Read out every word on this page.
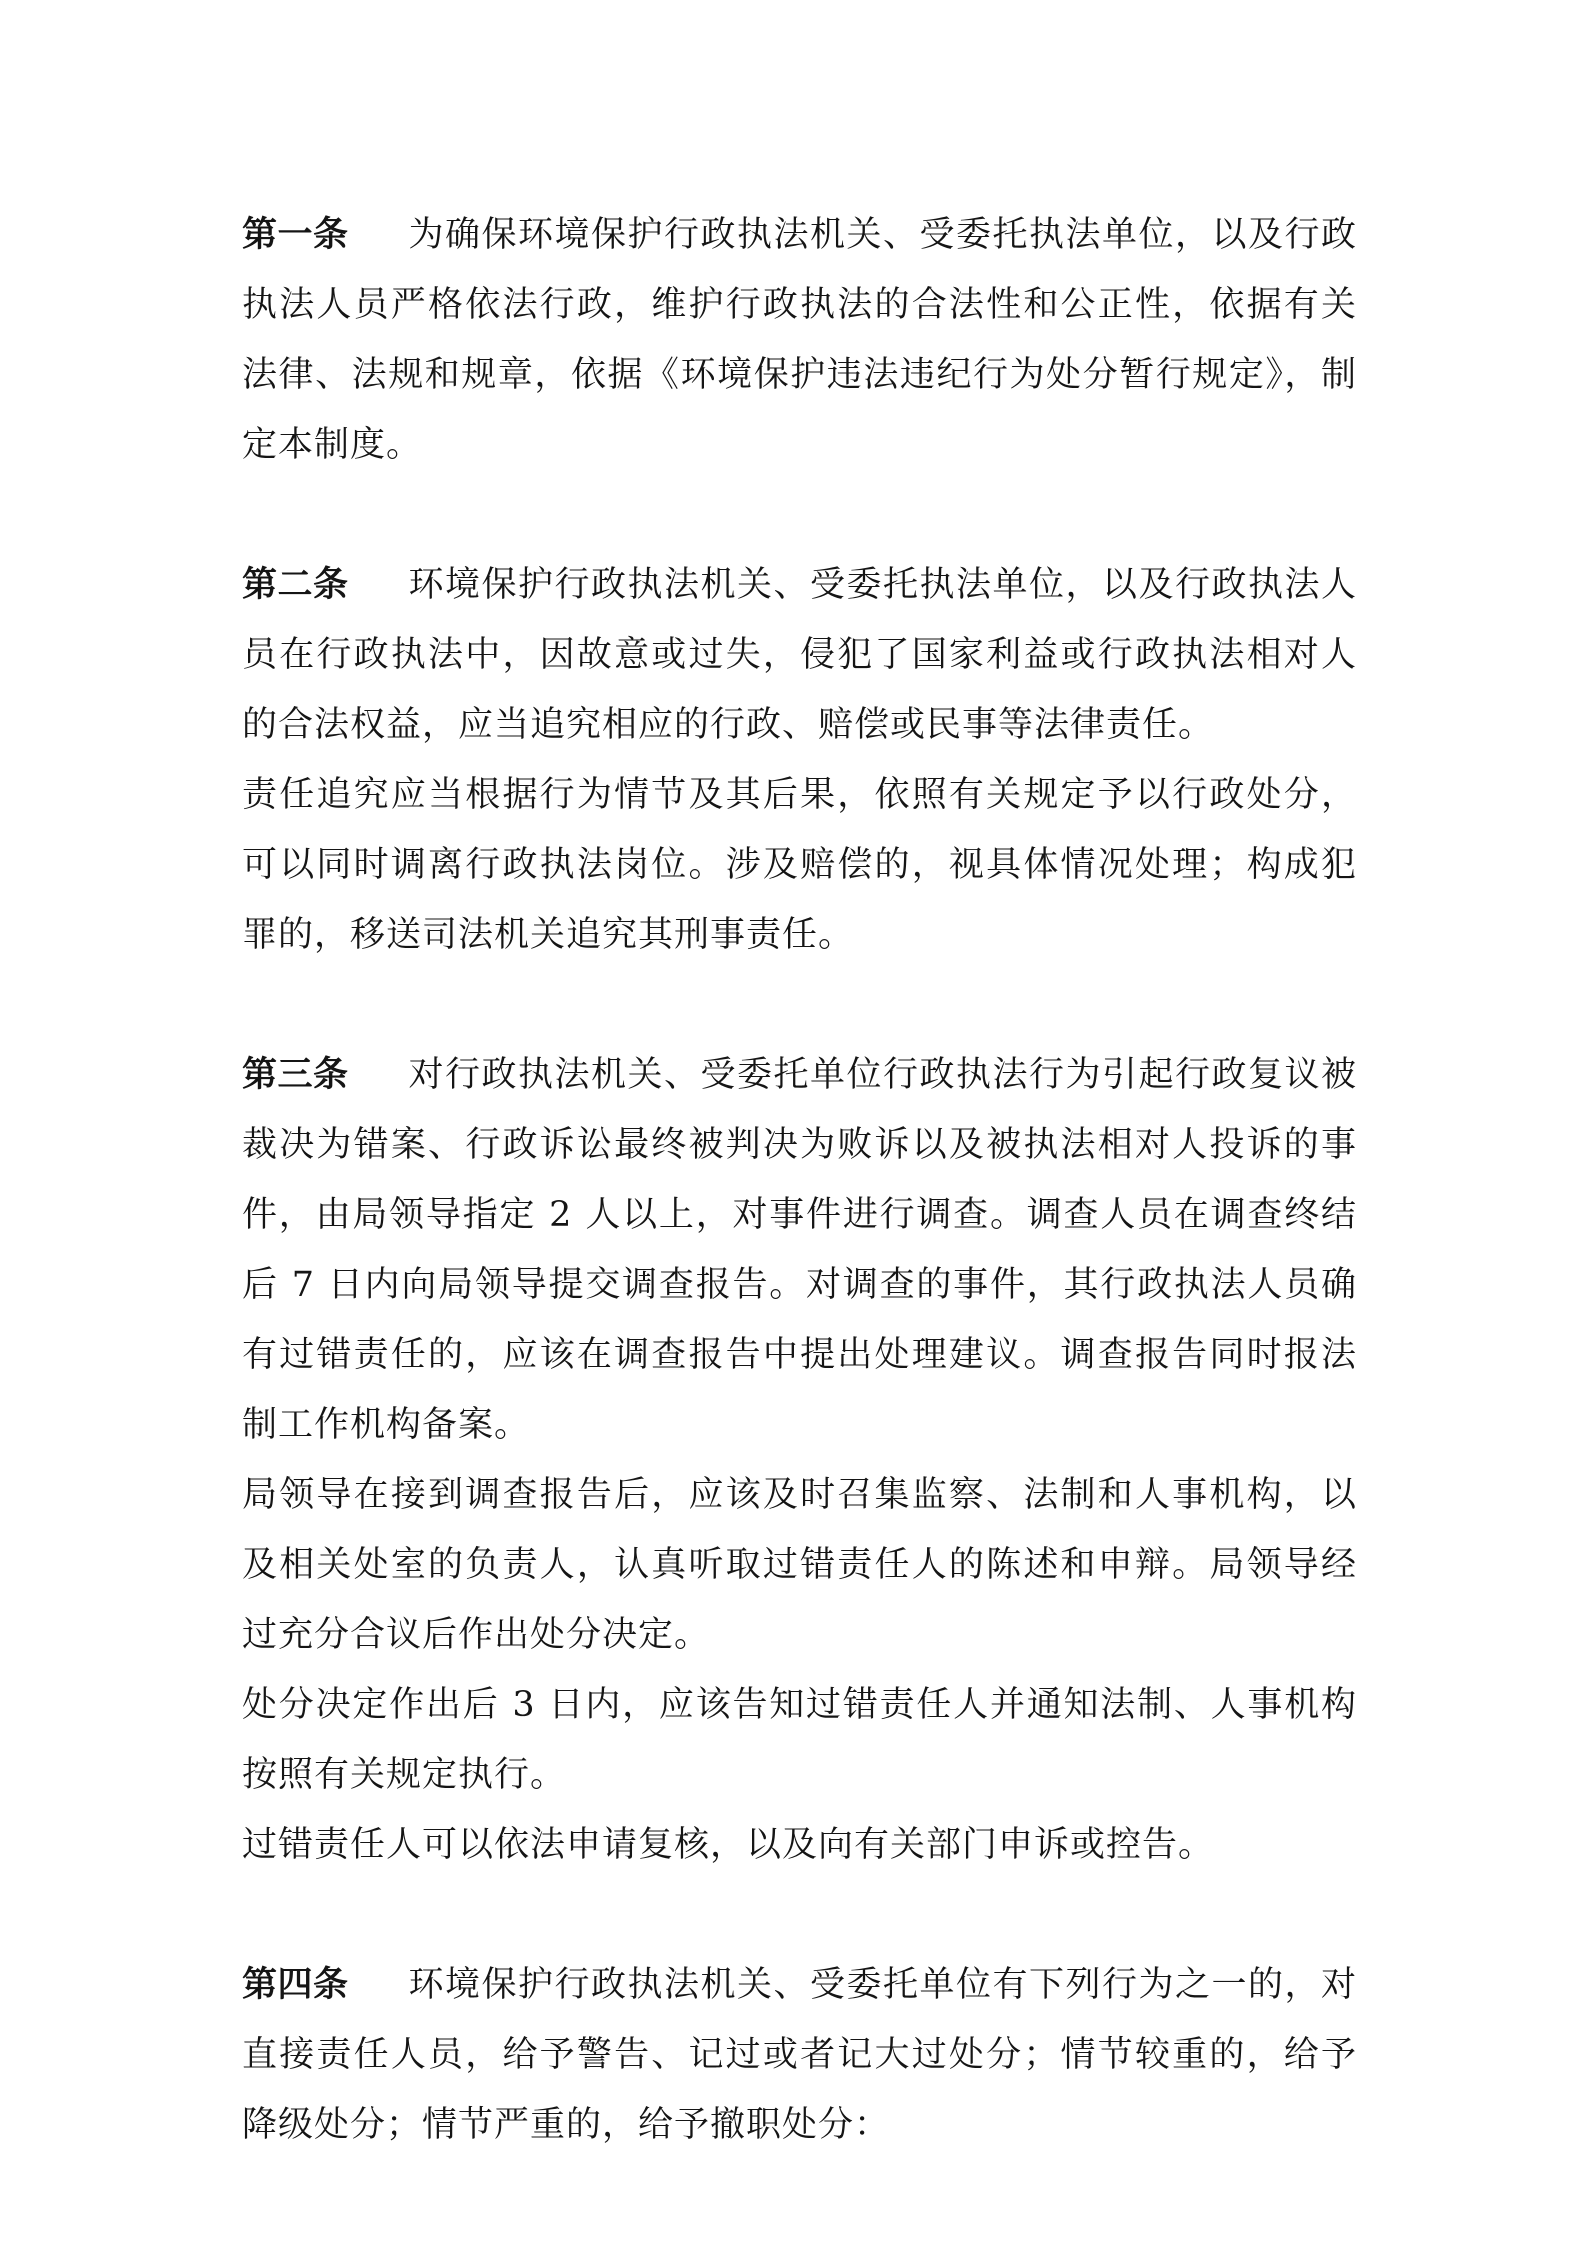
第一条 为确保环境保护行政执法机关、受委托执法单位，以及行政执法人员严格依法行政，维护行政执法的合法性和公正性，依据有关法律、法规和规章，依据《环境保护违法违纪行为处分暂行规定》，制定本制度。

第二条 环境保护行政执法机关、受委托执法单位，以及行政执法人员在行政执法中，因故意或过失，侵犯了国家利益或行政执法相对人的合法权益，应当追究相应的行政、赔偿或民事等法律责任。

责任追究应当根据行为情节及其后果，依照有关规定予以行政处分，可以同时调离行政执法岗位。涉及赔偿的，视具体情况处理；构成犯罪的，移送司法机关追究其刑事责任。

第三条 对行政执法机关、受委托单位行政执法行为引起行政复议被裁决为错案、行政诉讼最终被判决为败诉以及被执法相对人投诉的事件，由局领导指定 2 人以上，对事件进行调查。调查人员在调查终结后 7 日内向局领导提交调查报告。对调查的事件，其行政执法人员确有过错责任的，应该在调查报告中提出处理建议。调查报告同时报法制工作机构备案。

局领导在接到调查报告后，应该及时召集监察、法制和人事机构，以及相关处室的负责人，认真听取过错责任人的陈述和申辩。局领导经过充分合议后作出处分决定。

处分决定作出后 3 日内，应该告知过错责任人并通知法制、人事机构按照有关规定执行。

过错责任人可以依法申请复核，以及向有关部门申诉或控告。

第四条 环境保护行政执法机关、受委托单位有下列行为之一的，对直接责任人员，给予警告、记过或者记大过处分；情节较重的，给予降级处分；情节严重的，给予撤职处分：
